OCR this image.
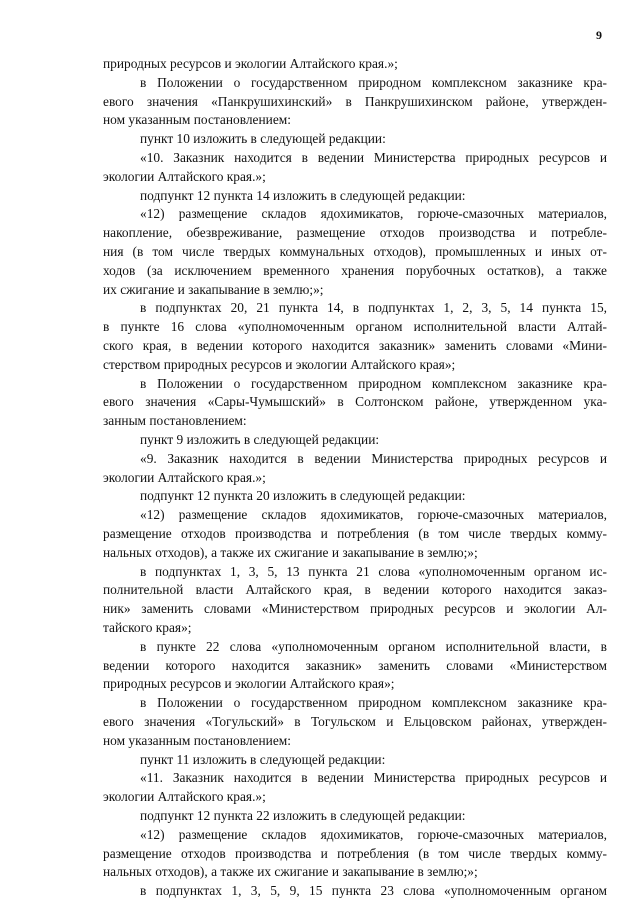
9
природных ресурсов и экологии Алтайского края.»;
в Положении о государственном природном комплексном заказнике кра-
евого значения «Панкрушихинский» в Панкрушихинском районе, утвержден-
ном указанным постановлением:
пункт 10 изложить в следующей редакции:
«10. Заказник находится в ведении Министерства природных ресурсов и
экологии Алтайского края.»;
подпункт 12 пункта 14 изложить в следующей редакции:
«12) размещение складов ядохимикатов, горюче-смазочных материалов,
накопление, обезвреживание, размещение отходов производства и потребле-
ния (в том числе твердых коммунальных отходов), промышленных и иных от-
ходов (за исключением временного хранения порубочных остатков), а также
их сжигание и закапывание в землю;»;
в подпунктах 20, 21 пункта 14, в подпунктах 1, 2, 3, 5, 14 пункта 15,
в пункте 16 слова «уполномоченным органом исполнительной власти Алтай-
ского края, в ведении которого находится заказник» заменить словами «Мини-
стерством природных ресурсов и экологии Алтайского края»;
в Положении о государственном природном комплексном заказнике кра-
евого значения «Сары-Чумышский» в Солтонском районе, утвержденном ука-
занным постановлением:
пункт 9 изложить в следующей редакции:
«9. Заказник находится в ведении Министерства природных ресурсов и
экологии Алтайского края.»;
подпункт 12 пункта 20 изложить в следующей редакции:
«12) размещение складов ядохимикатов, горюче-смазочных материалов,
размещение отходов производства и потребления (в том числе твердых комму-
нальных отходов), а также их сжигание и закапывание в землю;»;
в подпунктах 1, 3, 5, 13 пункта 21 слова «уполномоченным органом ис-
полнительной власти Алтайского края, в ведении которого находится заказ-
ник» заменить словами «Министерством природных ресурсов и экологии Ал-
тайского края»;
в пункте 22 слова «уполномоченным органом исполнительной власти, в
ведении которого находится заказник» заменить словами «Министерством
природных ресурсов и экологии Алтайского края»;
в Положении о государственном природном комплексном заказнике кра-
евого значения «Тогульский» в Тогульском и Ельцовском районах, утвержден-
ном указанным постановлением:
пункт 11 изложить в следующей редакции:
«11. Заказник находится в ведении Министерства природных ресурсов и
экологии Алтайского края.»;
подпункт 12 пункта 22 изложить в следующей редакции:
«12) размещение складов ядохимикатов, горюче-смазочных материалов,
размещение отходов производства и потребления (в том числе твердых комму-
нальных отходов), а также их сжигание и закапывание в землю;»;
в подпунктах 1, 3, 5, 9, 15 пункта 23 слова «уполномоченным органом
